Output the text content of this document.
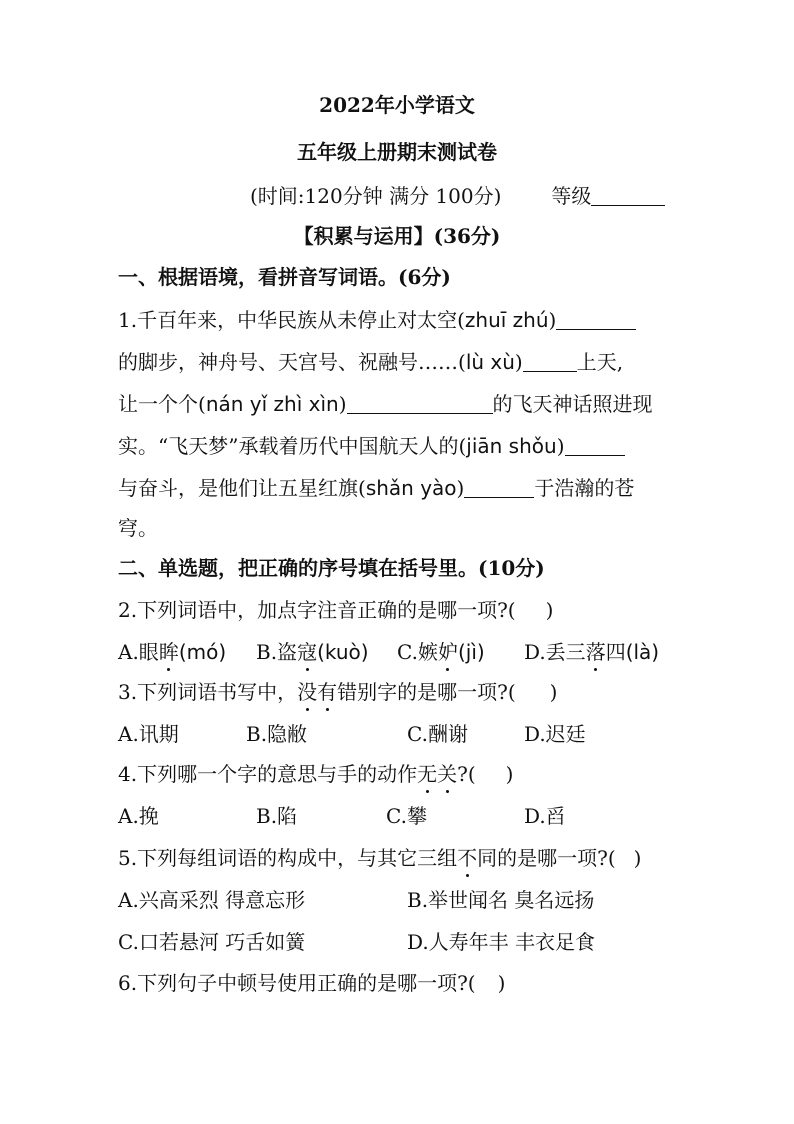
2022年小学语文
五年级上册期末测试卷
(时间:120分钟 满分 100分)	等级
【积累与运用】(36分)
一、根据语境，看拼音写词语。(6分)
1.千百年来，中华民族从未停止对太空(zhuī zhú)
的脚步，神舟号、天宫号、祝融号……(lù xù)	上天,
让一个个(nán yǐ zhì xìn)	的飞天神话照进现
实。“飞天梦”承载着历代中国航天人的(jiān shǒu)
与奋斗，是他们让五星红旗(shǎn yào)	于浩瀚的苍
穹。
二、单选题，把正确的序号填在括号里。(10分)
2.下列词语中，加点字注音正确的是哪一项?( )
A.眼眸(mó) B.盗寇(kuò) C.嫉妒(jì) D.丢三落四(là)
3.下列词语书写中，没有错别字的是哪一项?( )
A.讯期	B.隐敝	C.酬谢	D.迟廷
4.下列哪一个字的意思与手的动作无关?( )
A.挽	B.陷	C.攀	D.舀
5.下列每组词语的构成中，与其它三组不同的是哪一项?( )
A.兴高采烈 得意忘形	B.举世闻名 臭名远扬
C.口若悬河 巧舌如簧	D.人寿年丰 丰衣足食
6.下列句子中顿号使用正确的是哪一项?( )
